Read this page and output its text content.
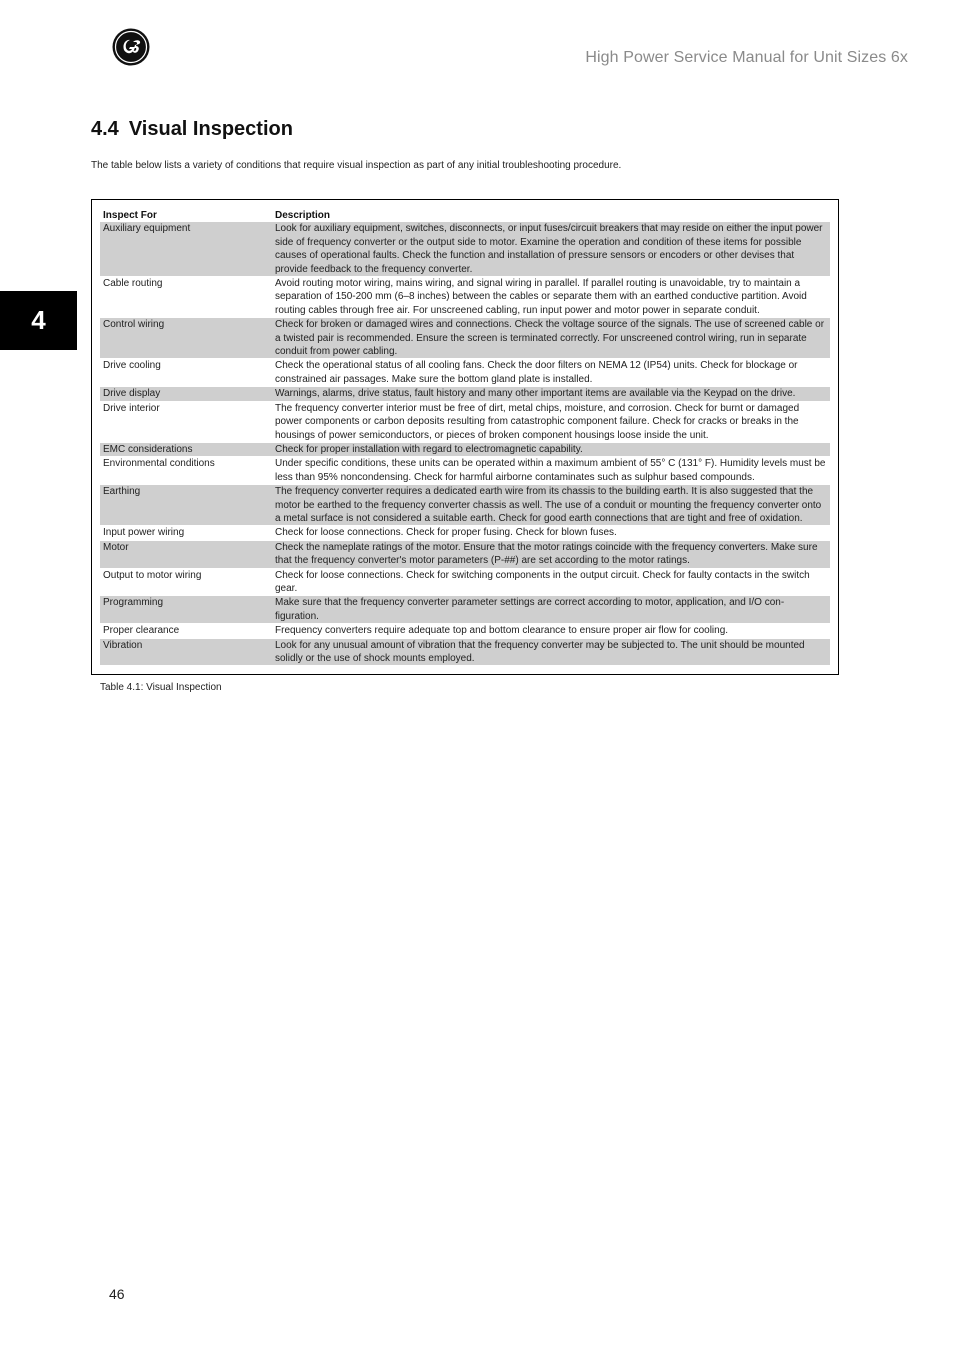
High Power Service Manual for Unit Sizes 6x
4
4.4 Visual Inspection

The table below lists a variety of conditions that require visual inspection as part of any initial troubleshooting procedure.

Inspect For	Description
Auxiliary equipment	Look for auxiliary equipment, switches, disconnects, or input fuses/circuit breakers that may reside on either the input power side of frequency converter or the output side to motor. Examine the operation and condition of these items for possible causes of operational faults. Check the function and installation of pressure sensors or encoders or other devises that provide feedback to the frequency converter.
Cable routing	Avoid routing motor wiring, mains wiring, and signal wiring in parallel. If parallel routing is unavoidable, try to maintain a separation of 150-200 mm (6–8 inches) between the cables or separate them with an earthed conductive partition. Avoid routing cables through free air. For unscreened cabling, run input power and motor power in separate conduit.
Control wiring	Check for broken or damaged wires and connections. Check the voltage source of the signals. The use of screened cable or a twisted pair is recommended. Ensure the screen is terminated correctly. For unscreened control wiring, run in separate conduit from power cabling.
Drive cooling	Check the operational status of all cooling fans. Check the door filters on NEMA 12 (IP54) units. Check for blockage or constrained air passages. Make sure the bottom gland plate is installed.
Drive display	Warnings, alarms, drive status, fault history and many other important items are available via the Keypad on the drive.
Drive interior	The frequency converter interior must be free of dirt, metal chips, moisture, and corrosion. Check for burnt or damaged power components or carbon deposits resulting from catastrophic component failure. Check for cracks or breaks in the housings of power semiconductors, or pieces of broken component housings loose inside the unit.
EMC considerations	Check for proper installation with regard to electromagnetic capability.
Environmental conditions	Under specific conditions, these units can be operated within a maximum ambient of 55° C (131° F). Humidity levels must be less than 95% noncondensing. Check for harmful airborne contaminates such as sulphur based compounds.
Earthing	The frequency converter requires a dedicated earth wire from its chassis to the building earth. It is also suggested that the motor be earthed to the frequency converter chassis as well. The use of a conduit or mounting the frequency converter onto a metal surface is not considered a suitable earth. Check for good earth connections that are tight and free of oxidation.
Input power wiring	Check for loose connections. Check for proper fusing. Check for blown fuses.
Motor	Check the nameplate ratings of the motor. Ensure that the motor ratings coincide with the frequency converters. Make sure that the frequency converter's motor parameters (P-##) are set according to the motor ratings.
Output to motor wiring	Check for loose connections. Check for switching components in the output circuit. Check for faulty contacts in the switch gear.
Programming	Make sure that the frequency converter parameter settings are correct according to motor, application, and I/O con-figuration.
Proper clearance	Frequency converters require adequate top and bottom clearance to ensure proper air flow for cooling.
Vibration	Look for any unusual amount of vibration that the frequency converter may be subjected to. The unit should be mounted solidly or the use of shock mounts employed.

Table 4.1: Visual Inspection

46
